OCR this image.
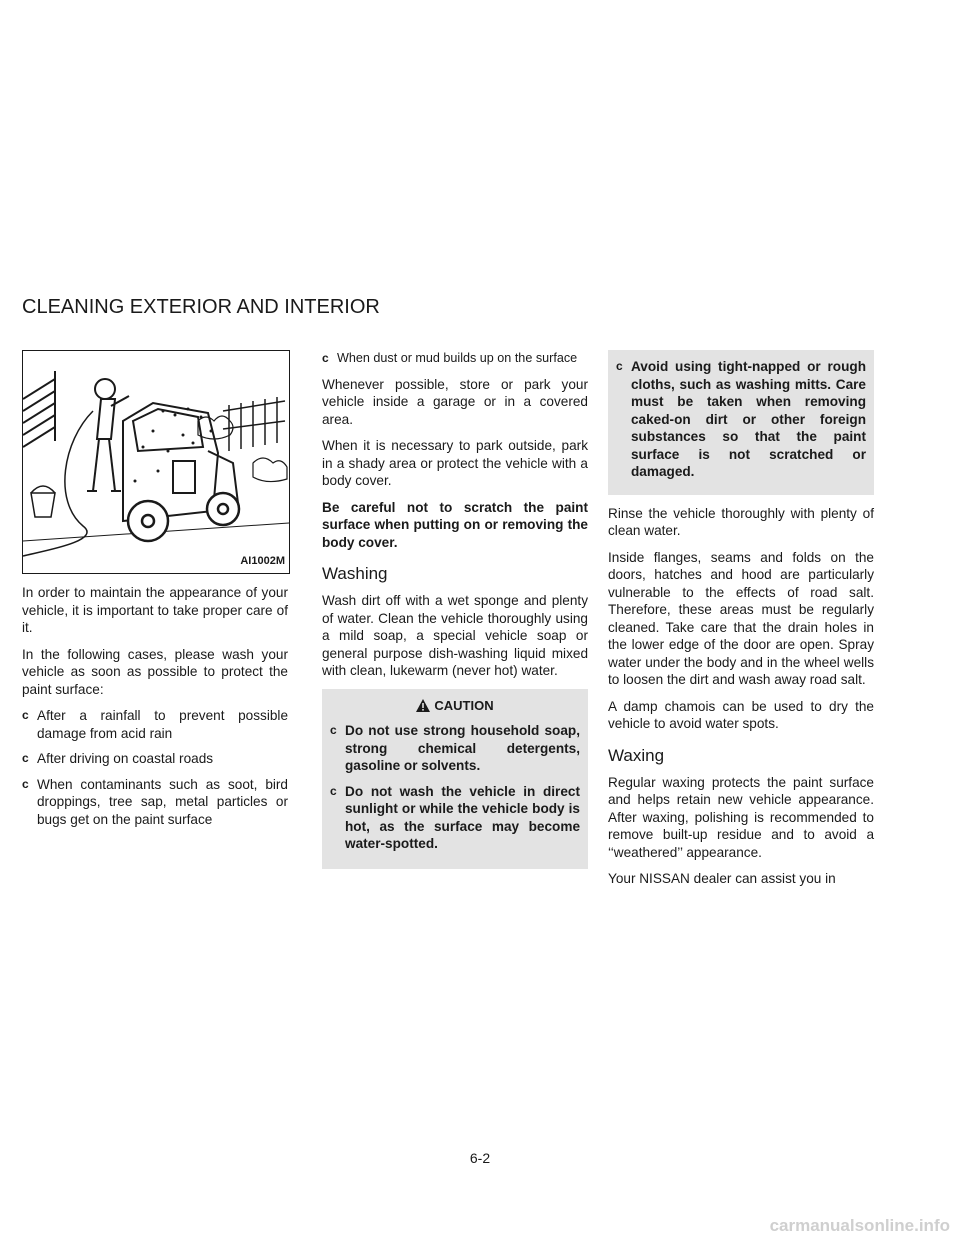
CLEANING EXTERIOR AND INTERIOR
AI1002M

In order to maintain the appearance of your vehicle, it is important to take proper care of it.

In the following cases, please wash your vehicle as soon as possible to protect the paint surface:

c After a rainfall to prevent possible damage from acid rain
c After driving on coastal roads
c When contaminants such as soot, bird droppings, tree sap, metal particles or bugs get on the paint surface
c When dust or mud builds up on the surface

Whenever possible, store or park your vehicle inside a garage or in a covered area.

When it is necessary to park outside, park in a shady area or protect the vehicle with a body cover.

Be careful not to scratch the paint surface when putting on or removing the body cover.

Washing

Wash dirt off with a wet sponge and plenty of water. Clean the vehicle thoroughly using a mild soap, a special vehicle soap or general purpose dish-washing liquid mixed with clean, lukewarm (never hot) water.

CAUTION
c Do not use strong household soap, strong chemical detergents, gasoline or solvents.
c Do not wash the vehicle in direct sunlight or while the vehicle body is hot, as the surface may become water-spotted.
c Avoid using tight-napped or rough cloths, such as washing mitts. Care must be taken when removing caked-on dirt or other foreign substances so that the paint surface is not scratched or damaged.

Rinse the vehicle thoroughly with plenty of clean water.

Inside flanges, seams and folds on the doors, hatches and hood are particularly vulnerable to the effects of road salt. Therefore, these areas must be regularly cleaned. Take care that the drain holes in the lower edge of the door are open. Spray water under the body and in the wheel wells to loosen the dirt and wash away road salt.

A damp chamois can be used to dry the vehicle to avoid water spots.

Waxing

Regular waxing protects the paint surface and helps retain new vehicle appearance. After waxing, polishing is recommended to remove built-up residue and to avoid a ‘‘weathered’’ appearance.

Your NISSAN dealer can assist you in

6-2
carmanualsonline.info
